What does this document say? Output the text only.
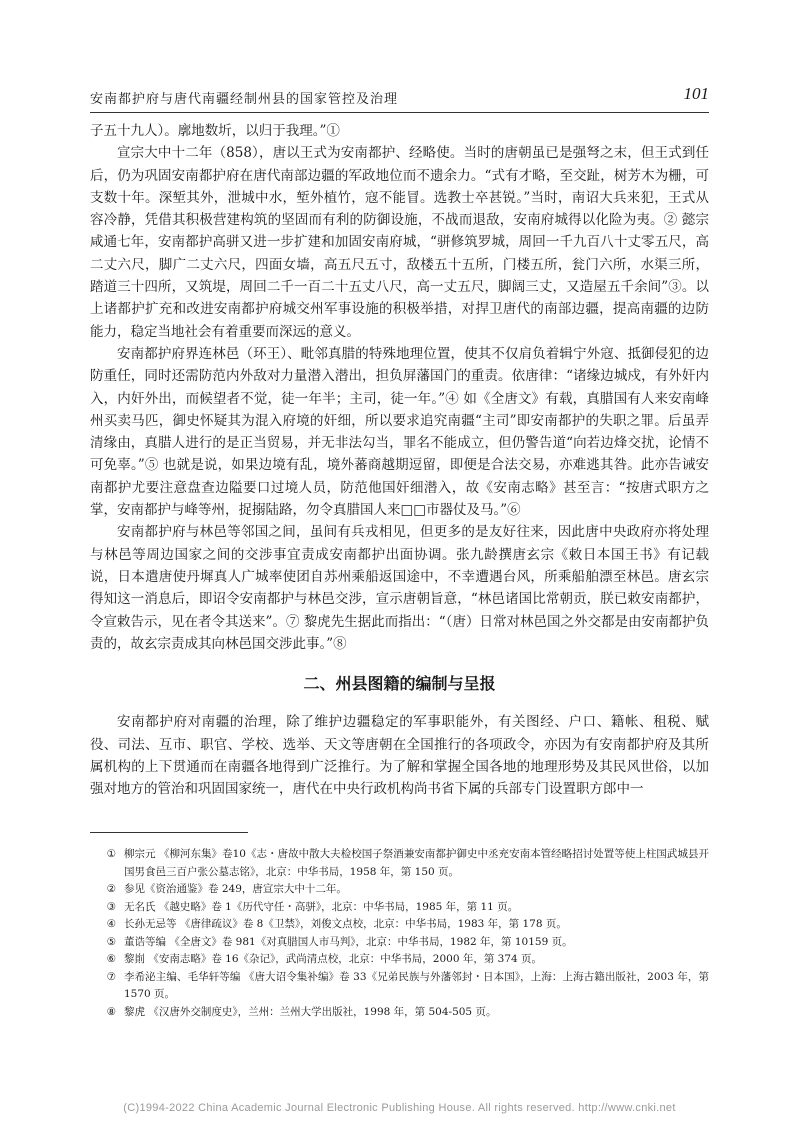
安南都护府与唐代南疆经制州县的国家管控及治理	101

子五十九人）。廓地数圻，以归于我理。”①

宣宗大中十二年（858），唐以王式为安南都护、经略使。当时的唐朝虽已是强弩之末，但王式到任后，仍为巩固安南都护府在唐代南部边疆的军政地位而不遗余力。“式有才略，至交趾，树芳木为栅，可支数十年。深堑其外，泄城中水，堑外植竹，寇不能冒。选教士卒甚锐。”当时，南诏大兵来犯，王式从容冷静，凭借其积极营建构筑的坚固而有利的防御设施，不战而退敌，安南府城得以化险为夷。② 懿宗咸通七年，安南都护高骈又进一步扩建和加固安南府城，“骈修筑罗城，周回一千九百八十丈零五尺，高二丈六尺，脚广二丈六尺，四面女墙，高五尺五寸，敌楼五十五所，门楼五所，瓮门六所，水渠三所，踏道三十四所，又筑堤，周回二千一百二十五丈八尺，高一丈五尺，脚阔三丈，又造屋五千余间”③。以上诸都护扩充和改进安南都护府城交州军事设施的积极举措，对捍卫唐代的南部边疆，提高南疆的边防能力，稳定当地社会有着重要而深远的意义。

安南都护府界连林邑（环王）、毗邻真腊的特殊地理位置，使其不仅肩负着辑宁外寇、抵御侵犯的边防重任，同时还需防范内外敌对力量潜入潜出，担负屏藩国门的重责。依唐律：“诸缘边城戍，有外奸内入，内奸外出，而候望者不觉，徒一年半；主司，徒一年。”④ 如《全唐文》有载，真腊国有人来安南峰州买卖马匹，御史怀疑其为混入府境的奸细，所以要求追究南疆“主司”即安南都护的失职之罪。后虽弄清缘由，真腊人进行的是正当贸易，并无非法勾当，罪名不能成立，但仍警告道“向若边烽交扰，论情不可免辜。”⑤ 也就是说，如果边境有乱，境外蕃商越期逗留，即便是合法交易，亦难逃其咎。此亦告诫安南都护尤要注意盘查边隘要口过境人员，防范他国奸细潜入，故《安南志略》甚至言：“按唐式职方之掌，安南都护与峰等州，捉搦陆路，勿令真腊国人来□□市器仗及马。”⑥

安南都护府与林邑等邻国之间，虽间有兵戎相见，但更多的是友好往来，因此唐中央政府亦将处理与林邑等周边国家之间的交涉事宜责成安南都护出面协调。张九龄撰唐玄宗《敕日本国王书》有记载说，日本遣唐使丹墀真人广城率使团自苏州乘船返国途中，不幸遭遇台风，所乘船舶漂至林邑。唐玄宗得知这一消息后，即诏令安南都护与林邑交涉，宣示唐朝旨意，“林邑诸国比常朝贡，朕已敕安南都护，令宣敕告示，见在者令其送来”。⑦ 黎虎先生据此而指出：“（唐）日常对林邑国之外交都是由安南都护负责的，故玄宗责成其向林邑国交涉此事。”⑧

二、州县图籍的编制与呈报

安南都护府对南疆的治理，除了维护边疆稳定的军事职能外，有关图经、户口、籍帐、租税、赋役、司法、互市、职官、学校、选举、天文等唐朝在全国推行的各项政令，亦因为有安南都护府及其所属机构的上下贯通而在南疆各地得到广泛推行。为了解和掌握全国各地的地理形势及其民风世俗，以加强对地方的管治和巩固国家统一，唐代在中央行政机构尚书省下属的兵部专门设置职方郎中一

① 柳宗元 《柳河东集》卷10《志・唐故中散大夫检校国子祭酒兼安南都护御史中丞充安南本管经略招讨处置等使上柱国武城县开国男食邑三百户张公墓志铭》，北京：中华书局，1958 年，第 150 页。
② 参见《资治通鉴》卷 249，唐宣宗大中十二年。
③ 无名氏 《越史略》卷 1《历代守任・高骈》，北京：中华书局，1985 年，第 11 页。
④ 长孙无忌等 《唐律疏议》卷 8《卫禁》，刘俊文点校，北京：中华书局，1983 年，第 178 页。
⑤ 董诰等编 《全唐文》卷 981《对真腊国人市马判》，北京：中华书局，1982 年，第 10159 页。
⑥ 黎崱 《安南志略》卷 16《杂记》，武尚清点校，北京：中华书局，2000 年，第 374 页。
⑦ 李希泌主编、毛华轩等编 《唐大诏令集补编》卷 33《兄弟民族与外藩邻封・日本国》，上海：上海古籍出版社，2003 年，第 1570 页。
⑧ 黎虎 《汉唐外交制度史》，兰州：兰州大学出版社，1998 年，第 504-505 页。
(C)1994-2022 China Academic Journal Electronic Publishing House. All rights reserved. http://www.cnki.net
